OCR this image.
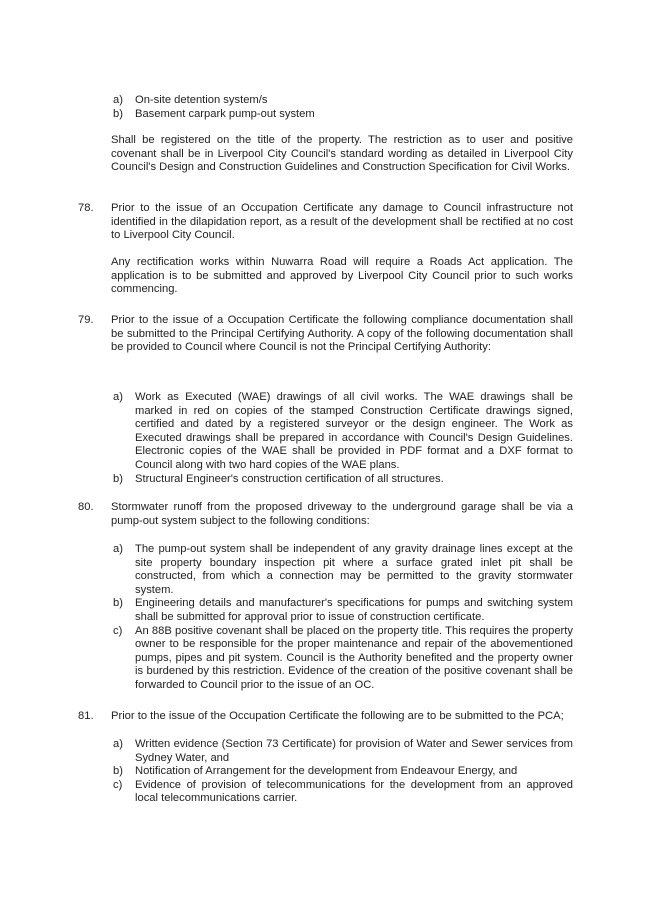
a) On-site detention system/s
b) Basement carpark pump-out system

Shall be registered on the title of the property. The restriction as to user and positive covenant shall be in Liverpool City Council's standard wording as detailed in Liverpool City Council's Design and Construction Guidelines and Construction Specification for Civil Works.

78. Prior to the issue of an Occupation Certificate any damage to Council infrastructure not identified in the dilapidation report, as a result of the development shall be rectified at no cost to Liverpool City Council.

Any rectification works within Nuwarra Road will require a Roads Act application. The application is to be submitted and approved by Liverpool City Council prior to such works commencing.

79. Prior to the issue of a Occupation Certificate the following compliance documentation shall be submitted to the Principal Certifying Authority. A copy of the following documentation shall be provided to Council where Council is not the Principal Certifying Authority:

a) Work as Executed (WAE) drawings of all civil works. The WAE drawings shall be marked in red on copies of the stamped Construction Certificate drawings signed, certified and dated by a registered surveyor or the design engineer. The Work as Executed drawings shall be prepared in accordance with Council's Design Guidelines. Electronic copies of the WAE shall be provided in PDF format and a DXF format to Council along with two hard copies of the WAE plans.
b) Structural Engineer's construction certification of all structures.

80. Stormwater runoff from the proposed driveway to the underground garage shall be via a pump-out system subject to the following conditions:

a) The pump-out system shall be independent of any gravity drainage lines except at the site property boundary inspection pit where a surface grated inlet pit shall be constructed, from which a connection may be permitted to the gravity stormwater system.
b) Engineering details and manufacturer's specifications for pumps and switching system shall be submitted for approval prior to issue of construction certificate.
c) An 88B positive covenant shall be placed on the property title. This requires the property owner to be responsible for the proper maintenance and repair of the abovementioned pumps, pipes and pit system. Council is the Authority benefited and the property owner is burdened by this restriction. Evidence of the creation of the positive covenant shall be forwarded to Council prior to the issue of an OC.

81. Prior to the issue of the Occupation Certificate the following are to be submitted to the PCA;

a) Written evidence (Section 73 Certificate) for provision of Water and Sewer services from Sydney Water, and
b) Notification of Arrangement for the development from Endeavour Energy, and
c) Evidence of provision of telecommunications for the development from an approved local telecommunications carrier.
